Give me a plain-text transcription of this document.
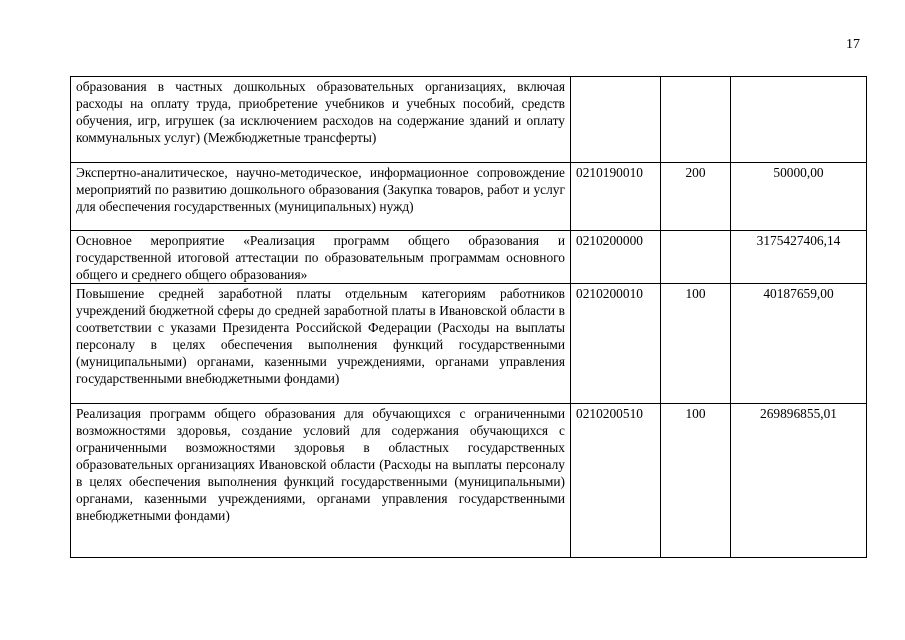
17
образования в частных дошкольных образовательных организациях, включая расходы на оплату труда, приобретение учебников и учебных пособий, средств обучения, игр, игрушек (за исключением расходов на содержание зданий и оплату коммунальных услуг) (Межбюджетные трансферты)			
Экспертно-аналитическое, научно-методическое, информационное сопровождение мероприятий по развитию дошкольного образования (Закупка товаров, работ и услуг для обеспечения государственных (муниципальных) нужд)	0210190010	200	50000,00
Основное мероприятие «Реализация программ общего образования и государственной итоговой аттестации по образовательным программам основного общего и среднего общего образования»	0210200000		3175427406,14
Повышение средней заработной платы отдельным категориям работников учреждений бюджетной сферы до средней заработной платы в Ивановской области в соответствии с указами Президента Российской Федерации (Расходы на выплаты персоналу в целях обеспечения выполнения функций государственными (муниципальными) органами, казенными учреждениями, органами управления государственными внебюджетными фондами)	0210200010	100	40187659,00
Реализация программ общего образования для обучающихся с ограниченными возможностями здоровья, создание условий для содержания обучающихся с ограниченными возможностями здоровья в областных государственных образовательных организациях Ивановской области (Расходы на выплаты персоналу в целях обеспечения выполнения функций государственными (муниципальными) органами, казенными учреждениями, органами управления государственными внебюджетными фондами)	0210200510	100	269896855,01
